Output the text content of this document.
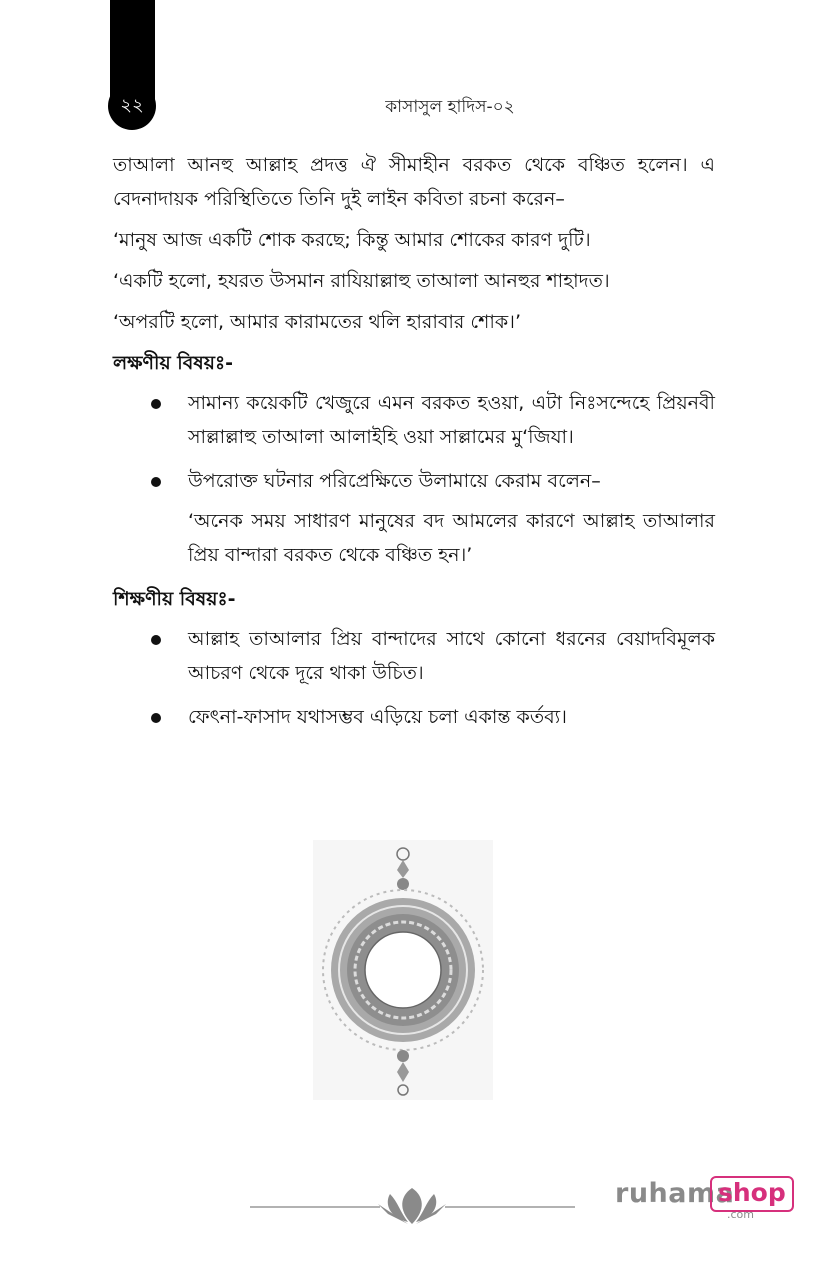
২২	কাসাসুল হাদিস-০২

তাআলা আনহু আল্লাহ প্রদত্ত ঐ সীমাহীন বরকত থেকে বঞ্চিত হলেন। এ বেদনাদায়ক পরিস্থিতিতে তিনি দুই লাইন কবিতা রচনা করেন–

‘মানুষ আজ একটি শোক করছে; কিন্তু আমার শোকের কারণ দুটি।

‘একটি হলো, হযরত উসমান রাযিয়াল্লাহু তাআলা আনহুর শাহাদত।

‘অপরটি হলো, আমার কারামতের থলি হারাবার শোক।’

লক্ষণীয় বিষয়ঃ-
সামান্য কয়েকটি খেজুরে এমন বরকত হওয়া, এটা নিঃসন্দেহে প্রিয়নবী সাল্লাল্লাহু তাআলা আলাইহি ওয়া সাল্লামের মু‘জিযা।
উপরোক্ত ঘটনার পরিপ্রেক্ষিতে উলামায়ে কেরাম বলেন–
‘অনেক সময় সাধারণ মানুষের বদ আমলের কারণে আল্লাহ তাআলার প্রিয় বান্দারা বরকত থেকে বঞ্চিত হন।’
শিক্ষণীয় বিষয়ঃ-
আল্লাহ তাআলার প্রিয় বান্দাদের সাথে কোনো ধরনের বেয়াদবিমূলক আচরণ থেকে দূরে থাকা উচিত।
ফেৎনা-ফাসাদ যথাসম্ভব এড়িয়ে চলা একান্ত কর্তব্য।
ruhama
shop
.com
